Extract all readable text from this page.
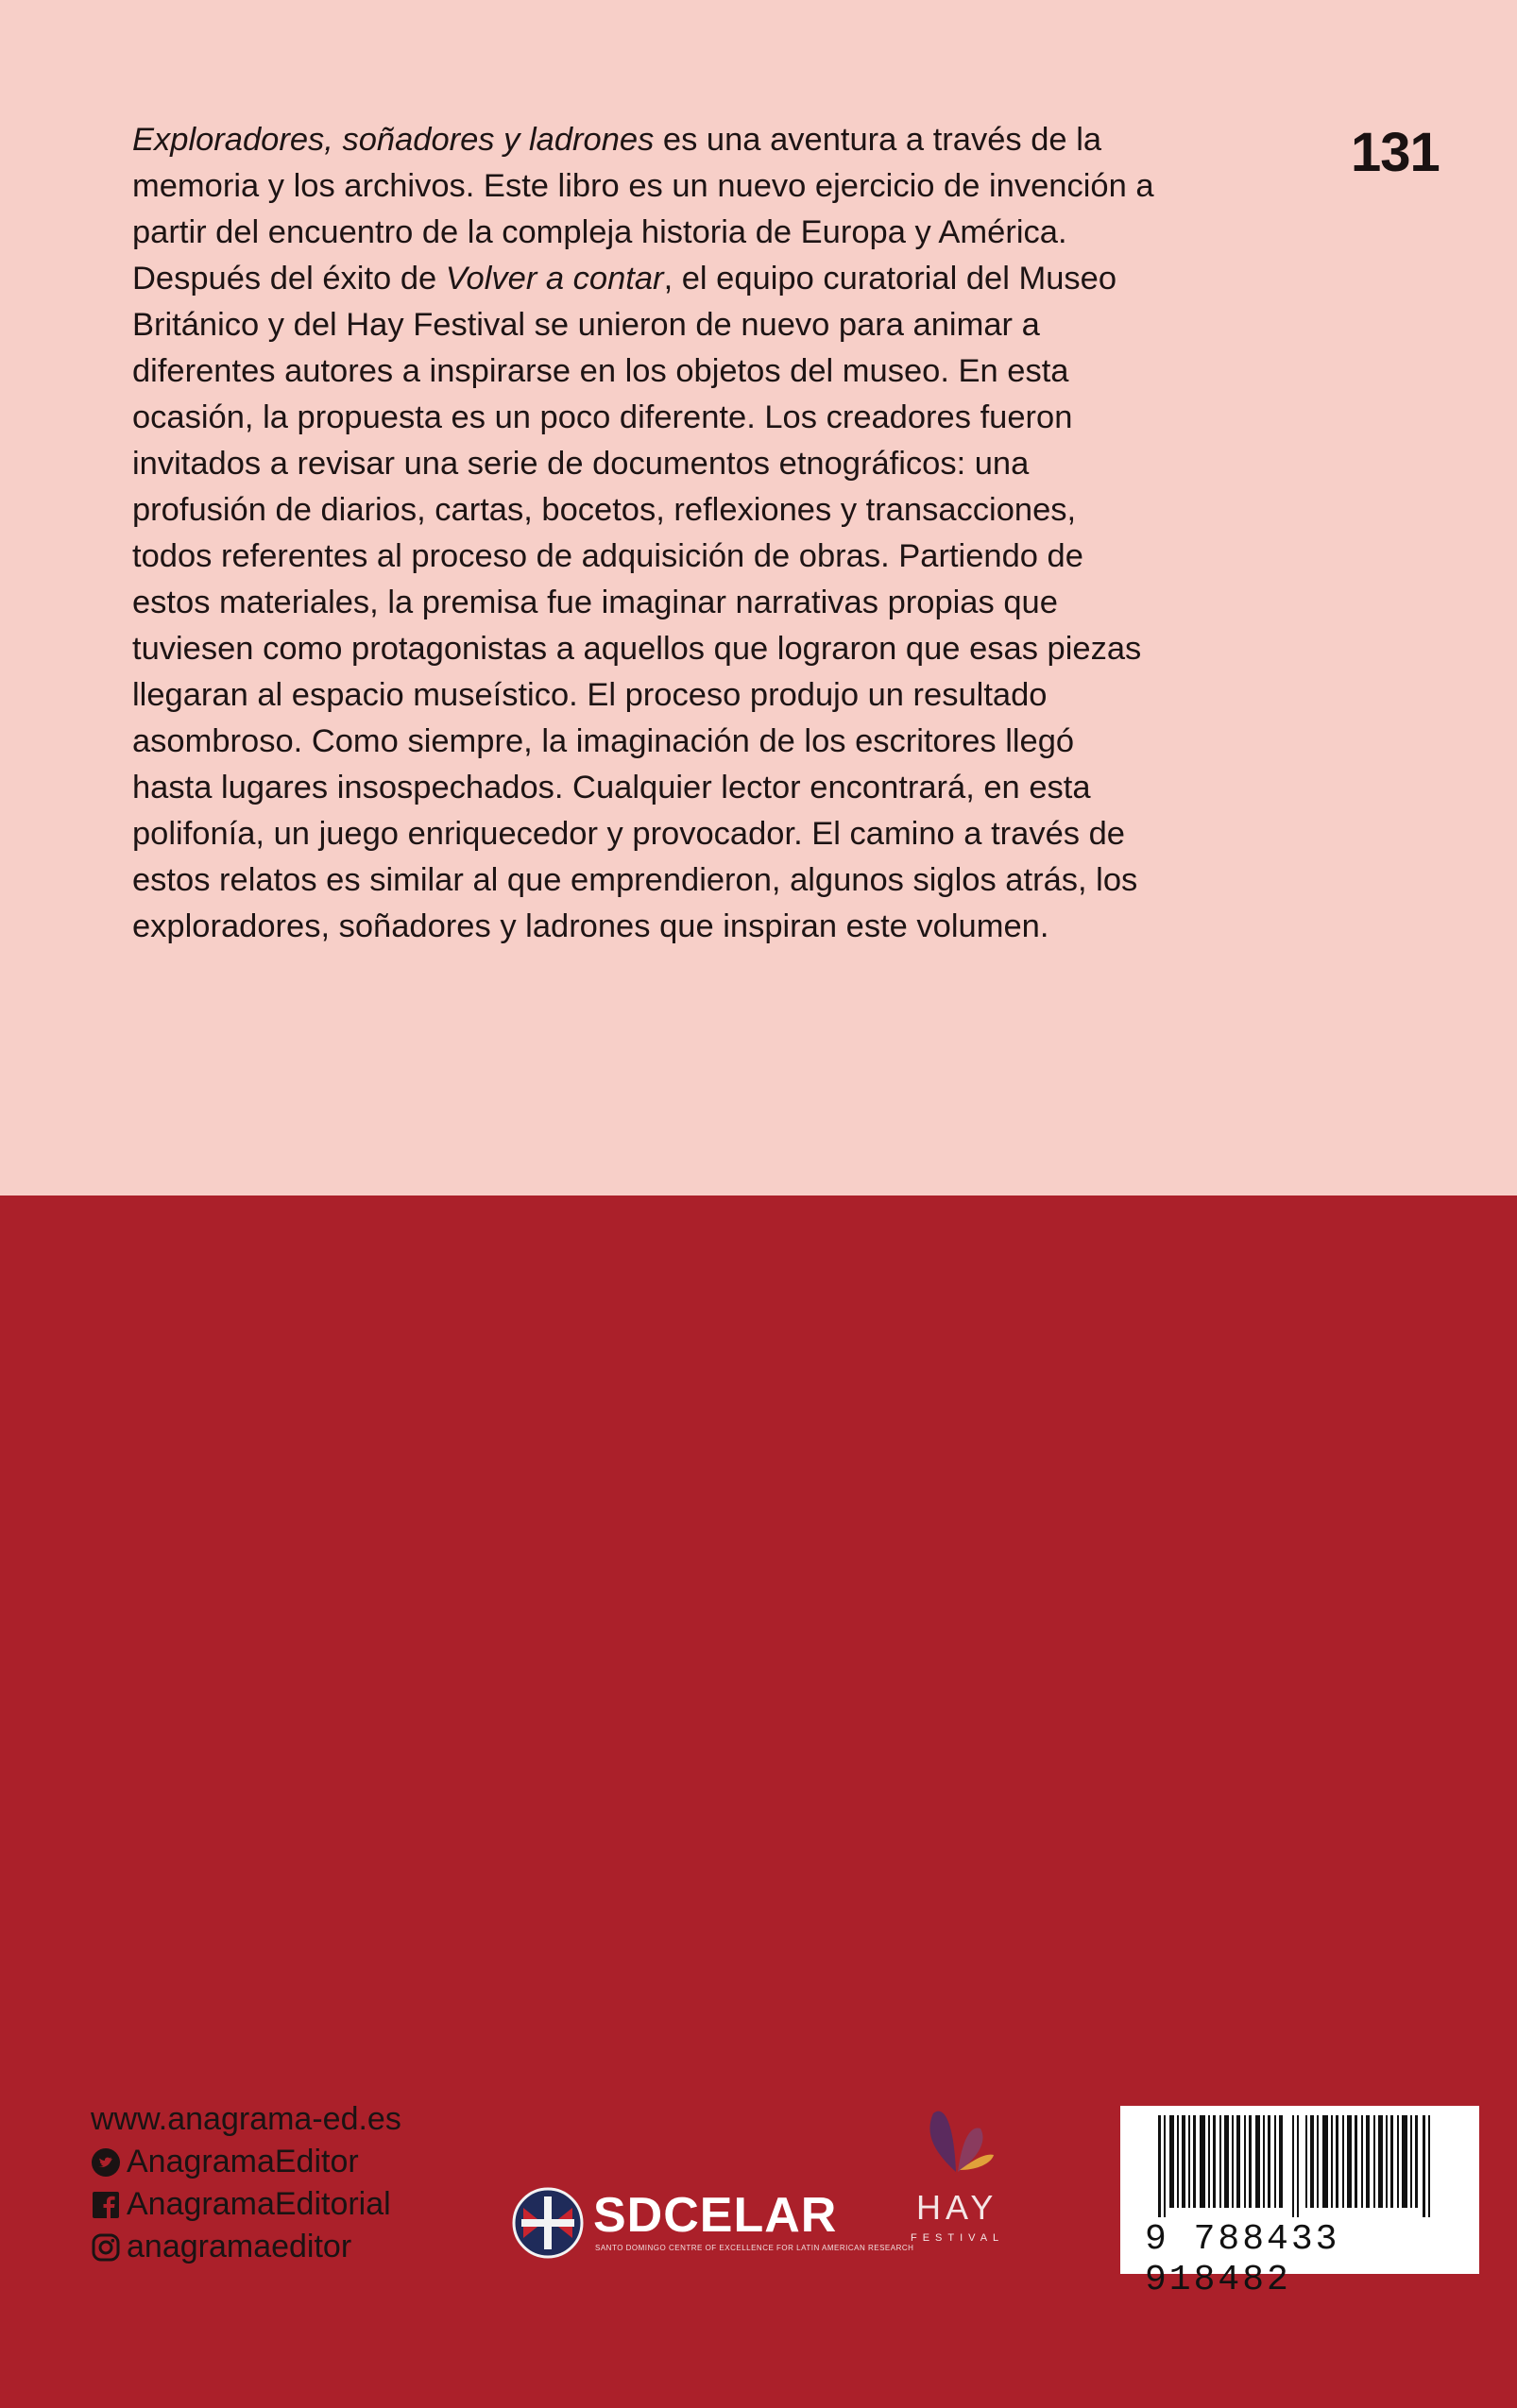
Exploradores, soñadores y ladrones es una aventura a través de la memoria y los archivos. Este libro es un nuevo ejercicio de invención a partir del encuentro de la compleja historia de Europa y América. Después del éxito de Volver a contar, el equipo curatorial del Museo Británico y del Hay Festival se unieron de nuevo para animar a diferentes autores a inspirarse en los objetos del museo. En esta ocasión, la propuesta es un poco diferente. Los creadores fueron invitados a revisar una serie de documentos etnográficos: una profusión de diarios, cartas, bocetos, reflexiones y transacciones, todos referentes al proceso de adquisición de obras. Partiendo de estos materiales, la premisa fue imaginar narrativas propias que tuviesen como protagonistas a aquellos que lograron que esas piezas llegaran al espacio museístico. El proceso produjo un resultado asombroso. Como siempre, la imaginación de los escritores llegó hasta lugares insospechados. Cualquier lector encontrará, en esta polifonía, un juego enriquecedor y provocador. El camino a través de estos relatos es similar al que emprendieron, algunos siglos atrás, los exploradores, soñadores y ladrones que inspiran este volumen.

131
www.anagrama-ed.es
AnagramaEditor
AnagramaEditorial
anagramaeditor
SDCELAR
SANTO DOMINGO CENTRE OF EXCELLENCE FOR LATIN AMERICAN RESEARCH
HAY
FESTIVAL	9 788433 918482
